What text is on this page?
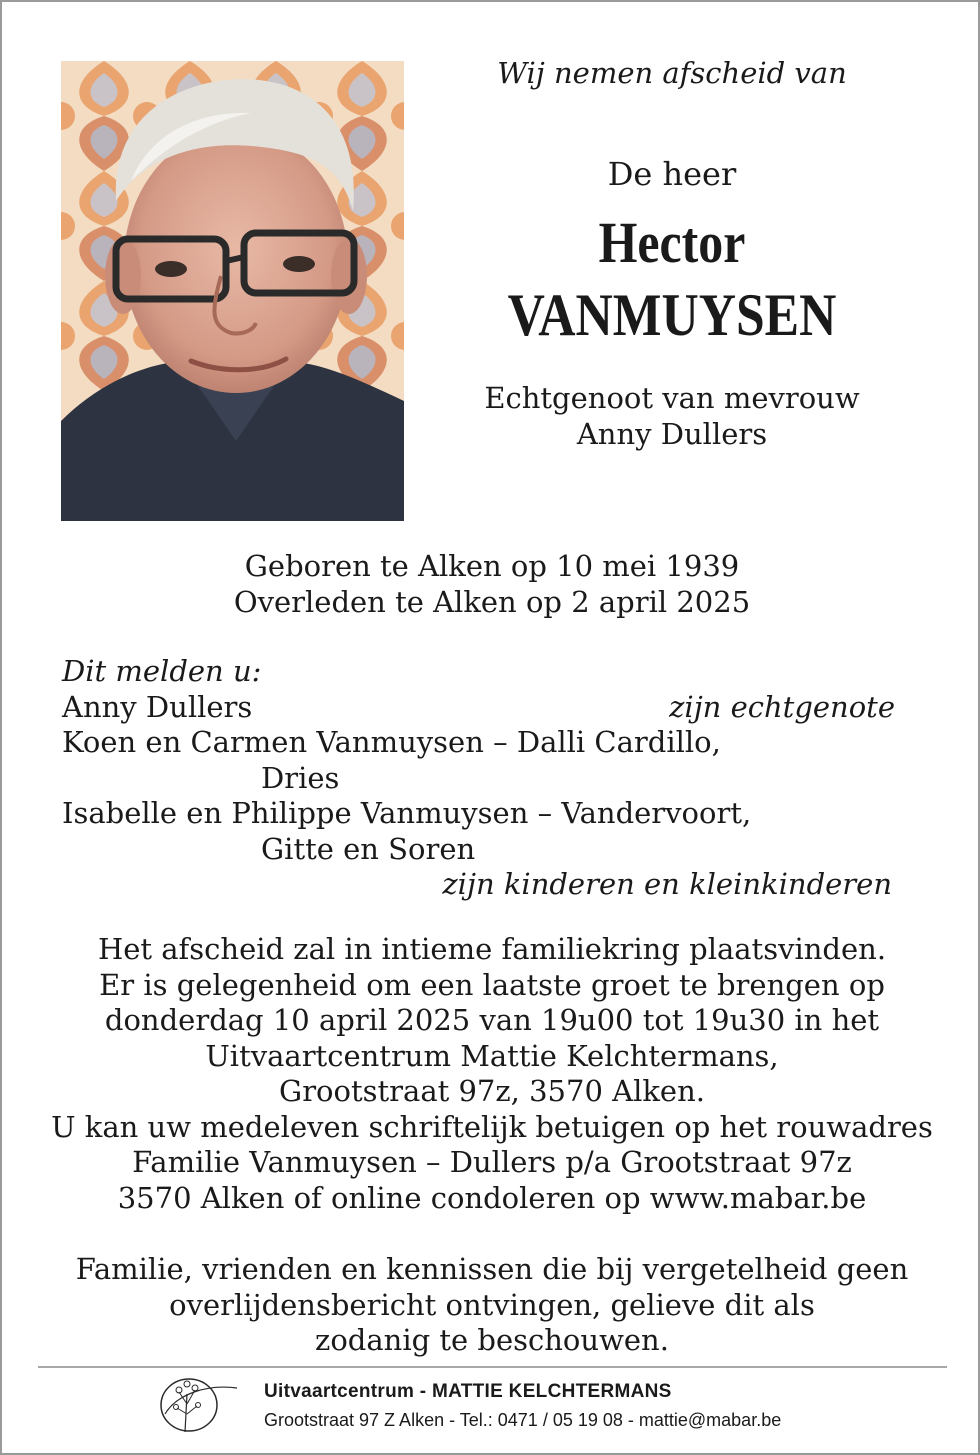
Wij nemen afscheid van

De heer

Hector

VANMUYSEN

Echtgenoot van mevrouw
Anny Dullers
Geboren te Alken op 10 mei 1939
Overleden te Alken op 2 april 2025
Dit melden u:
Anny Dullers	zijn echtgenote
Koen en Carmen Vanmuysen – Dalli Cardillo,
Dries
Isabelle en Philippe Vanmuysen – Vandervoort,
Gitte en Soren
zijn kinderen en kleinkinderen
Het afscheid zal in intieme familiekring plaatsvinden.
Er is gelegenheid om een laatste groet te brengen op
donderdag 10 april 2025 van 19u00 tot 19u30 in het
Uitvaartcentrum Mattie Kelchtermans,
Grootstraat 97z, 3570 Alken.
U kan uw medeleven schriftelijk betuigen op het rouwadres
Familie Vanmuysen – Dullers p/a Grootstraat 97z
3570 Alken of online condoleren op www.mabar.be
Familie, vrienden en kennissen die bij vergetelheid geen
overlijdensbericht ontvingen, gelieve dit als
zodanig te beschouwen.
Uitvaartcentrum - MATTIE KELCHTERMANS
Grootstraat 97 Z Alken - Tel.: 0471 / 05 19 08 - mattie@mabar.be
